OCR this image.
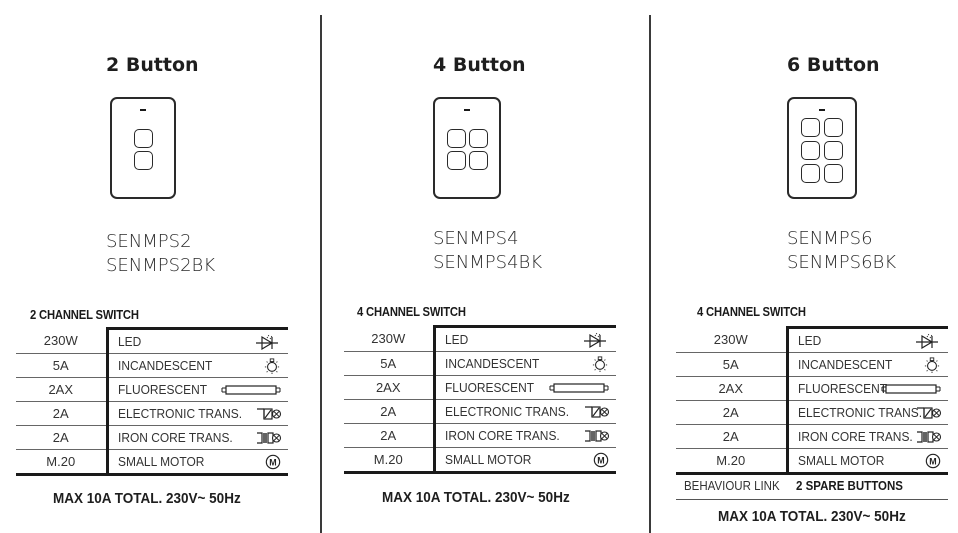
2 Button
SENMPS2
SENMPS2BK
2 CHANNEL SWITCH
230W	LED

5A	INCANDESCENT

2AX	FLUORESCENT

2A	ELECTRONIC TRANS.

2A	IRON CORE TRANS.

M.20	SMALL MOTOR M
MAX 10A TOTAL. 230V~ 50Hz
4 Button
SENMPS4
SENMPS4BK
4 CHANNEL SWITCH
230W	LED

5A	INCANDESCENT

2AX	FLUORESCENT

2A	ELECTRONIC TRANS.

2A	IRON CORE TRANS.

M.20	SMALL MOTOR M
MAX 10A TOTAL. 230V~ 50Hz
6 Button
SENMPS6
SENMPS6BK
4 CHANNEL SWITCH
230W	LED

5A	INCANDESCENT

2AX	FLUORESCENT

2A	ELECTRONIC TRANS.

2A	IRON CORE TRANS.

M.20	SMALL MOTOR M
BEHAVIOUR LINK	2 SPARE BUTTONS
MAX 10A TOTAL. 230V~ 50Hz
